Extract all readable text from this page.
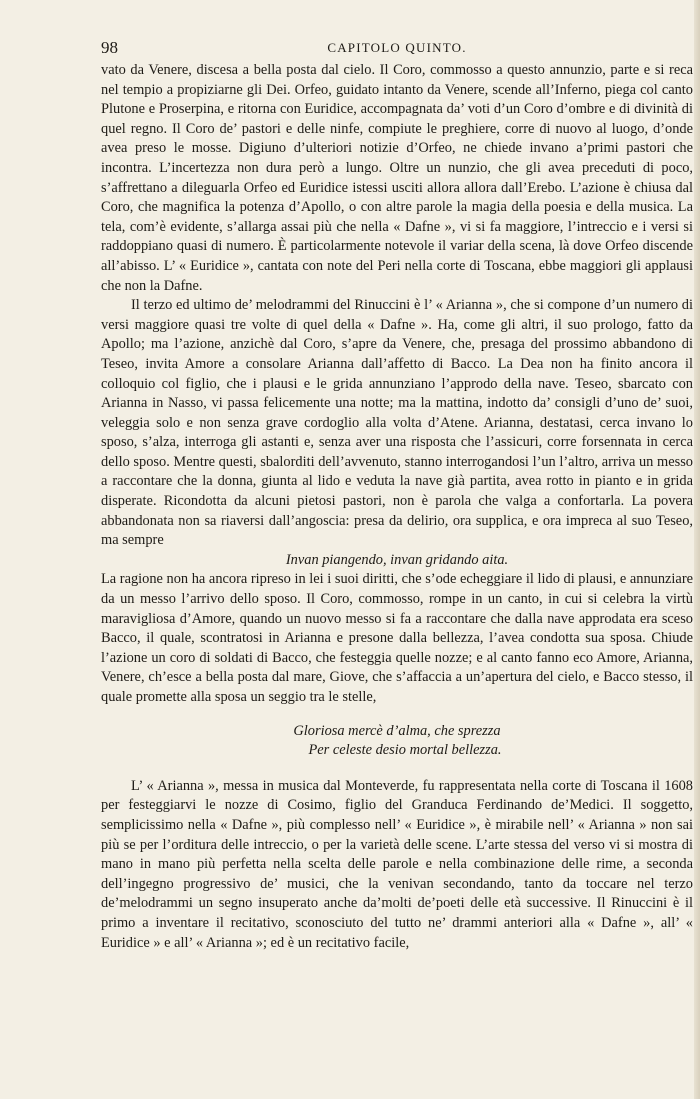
98	CAPITOLO QUINTO.

vato da Venere, discesa a bella posta dal cielo. Il Coro, commosso a questo annunzio, parte e si reca nel tempio a propiziarne gli Dei. Orfeo, guidato intanto da Venere, scende all’Inferno, piega col canto Plutone e Proserpina, e ritorna con Euridice, accompagnata da’ voti d’un Coro d’ombre e di divinità di quel regno. Il Coro de’ pastori e delle ninfe, compiute le preghiere, corre di nuovo al luogo, d’onde avea preso le mosse. Digiuno d’ulteriori notizie d’Orfeo, ne chiede invano a’primi pastori che incontra. L’incertezza non dura però a lungo. Oltre un nunzio, che gli avea preceduti di poco, s’affrettano a dileguarla Orfeo ed Euridice istessi usciti allora allora dall’Erebo. L’azione è chiusa dal Coro, che magnifica la potenza d’Apollo, o con altre parole la magia della poesia e della musica. La tela, com’è evidente, s’allarga assai più che nella « Dafne », vi si fa maggiore, l’intreccio e i versi si raddoppiano quasi di numero. È particolarmente notevole il variar della scena, là dove Orfeo discende all’abisso. L’ « Euridice », cantata con note del Peri nella corte di Toscana, ebbe maggiori gli applausi che non la Dafne.

Il terzo ed ultimo de’ melodrammi del Rinuccini è l’ « Arianna », che si compone d’un numero di versi maggiore quasi tre volte di quel della « Dafne ». Ha, come gli altri, il suo prologo, fatto da Apollo; ma l’azione, anzichè dal Coro, s’apre da Venere, che, presaga del prossimo abbandono di Teseo, invita Amore a consolare Arianna dall’affetto di Bacco. La Dea non ha finito ancora il colloquio col figlio, che i plausi e le grida annunziano l’approdo della nave. Teseo, sbarcato con Arianna in Nasso, vi passa felicemente una notte; ma la mattina, indotto da’ consigli d’uno de’ suoi, veleggia solo e non senza grave cordoglio alla volta d’Atene. Arianna, destatasi, cerca invano lo sposo, s’alza, interroga gli astanti e, senza aver una risposta che l’assicuri, corre forsennata in cerca dello sposo. Mentre questi, sbalorditi dell’avvenuto, stanno interrogandosi l’un l’altro, arriva un messo a raccontare che la donna, giunta al lido e veduta la nave già partita, avea rotto in pianto e in grida disperate. Ricondotta da alcuni pietosi pastori, non è parola che valga a confortarla. La povera abbandonata non sa riaversi dall’angoscia: presa da delirio, ora supplica, e ora impreca al suo Teseo, ma sempre

Invan piangendo, invan gridando aita.

La ragione non ha ancora ripreso in lei i suoi diritti, che s’ode echeggiare il lido di plausi, e annunziare da un messo l’arrivo dello sposo. Il Coro, commosso, rompe in un canto, in cui si celebra la virtù maravigliosa d’Amore, quando un nuovo messo si fa a raccontare che dalla nave approdata era sceso Bacco, il quale, scontratosi in Arianna e presone dalla bellezza, l’avea condotta sua sposa. Chiude l’azione un coro di soldati di Bacco, che festeggia quelle nozze; e al canto fanno eco Amore, Arianna, Venere, ch’esce a bella posta dal mare, Giove, che s’affaccia a un’apertura del cielo, e Bacco stesso, il quale promette alla sposa un seggio tra le stelle,

Gloriosa mercè d’alma, che sprezza
Per celeste desio mortal bellezza.

L’ « Arianna », messa in musica dal Monteverde, fu rappresentata nella corte di Toscana il 1608 per festeggiarvi le nozze di Cosimo, figlio del Granduca Ferdinando de’Medici. Il soggetto, semplicissimo nella « Dafne », più complesso nell’ « Euridice », è mirabile nell’ « Arianna » non sai più se per l’orditura delle intreccio, o per la varietà delle scene. L’arte stessa del verso vi si mostra di mano in mano più perfetta nella scelta delle parole e nella combinazione delle rime, a seconda dell’ingegno progressivo de’ musici, che la venivan secondando, tanto da toccare nel terzo de’melodrammi un segno insuperato anche da’molti de’poeti delle età successive. Il Rinuccini è il primo a inventare il recitativo, sconosciuto del tutto ne’ drammi anteriori alla « Dafne », all’ « Euridice » e all’ « Arianna »; ed è un recitativo facile,
